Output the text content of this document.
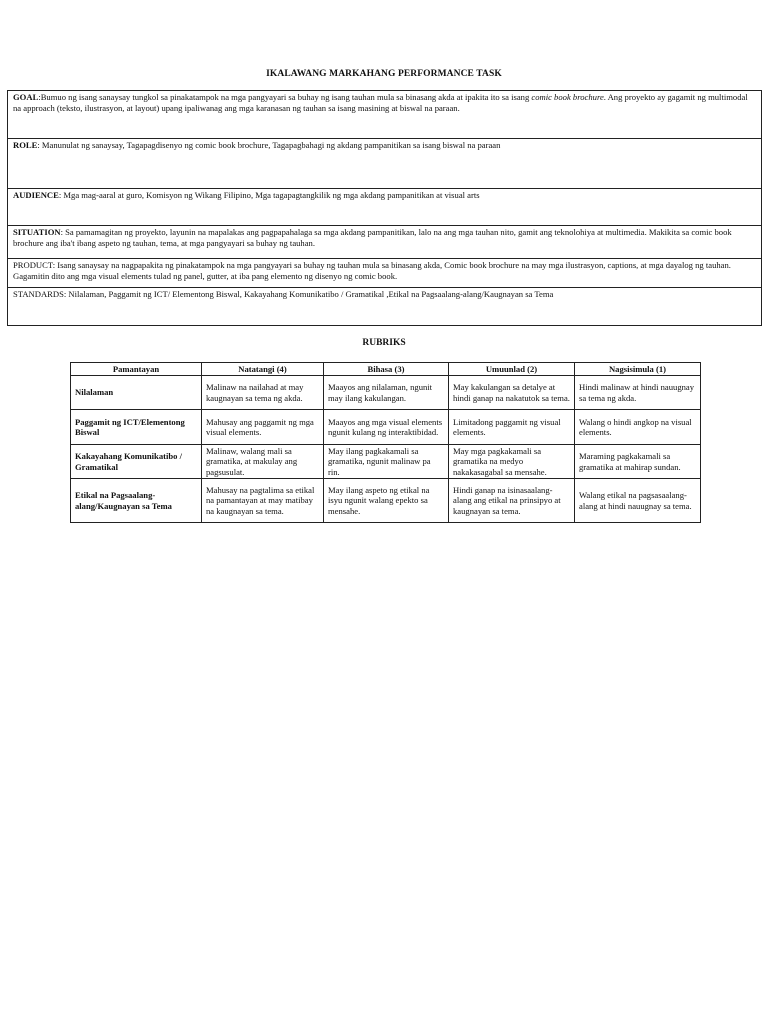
IKALAWANG MARKAHANG PERFORMANCE TASK
GOAL:Bumuo ng isang sanaysay tungkol sa pinakatampok na mga pangyayari sa buhay ng isang tauhan mula sa binasang akda at ipakita ito sa isang comic book brochure. Ang proyekto ay gagamit ng multimodal na approach (teksto, ilustrasyon, at layout) upang ipaliwanag ang mga karanasan ng tauhan sa isang masining at biswal na paraan.
ROLE: Manunulat ng sanaysay, Tagapagdisenyo ng comic book brochure, Tagapagbahagi ng akdang pampanitikan sa isang biswal na paraan
AUDIENCE: Mga mag-aaral at guro, Komisyon ng Wikang Filipino, Mga tagapagtangkilik ng mga akdang pampanitikan at visual arts
SITUATION: Sa pamamagitan ng proyekto, layunin na mapalakas ang pagpapahalaga sa mga akdang pampanitikan, lalo na ang mga tauhan nito, gamit ang teknolohiya at multimedia. Makikita sa comic book brochure ang iba't ibang aspeto ng tauhan, tema, at mga pangyayari sa buhay ng tauhan.
PRODUCT: Isang sanaysay na nagpapakita ng pinakatampok na mga pangyayari sa buhay ng tauhan mula sa binasang akda, Comic book brochure na may mga ilustrasyon, captions, at mga dayalog ng tauhan. Gagamitin dito ang mga visual elements tulad ng panel, gutter, at iba pang elemento ng disenyo ng comic book.
STANDARDS: Nilalaman, Paggamit ng ICT/ Elementong Biswal, Kakayahang Komunikatibo / Gramatikal ,Etikal na Pagsaalang-alang/Kaugnayan sa Tema
RUBRIKS
Pamantayan	Natatangi (4)	Bihasa (3)	Umuunlad (2)	Nagsisimula (1)
Nilalaman	Malinaw na nailahad at may kaugnayan sa tema ng akda.	Maayos ang nilalaman, ngunit may ilang kakulangan.	May kakulangan sa detalye at hindi ganap na nakatutok sa tema.	Hindi malinaw at hindi nauugnay sa tema ng akda.
Paggamit ng ICT/Elementong Biswal	Mahusay ang paggamit ng mga visual elements.	Maayos ang mga visual elements ngunit kulang ng interaktibidad.	Limitadong paggamit ng visual elements.	Walang o hindi angkop na visual elements.
Kakayahang Komunikatibo / Gramatikal	Malinaw, walang mali sa gramatika, at makulay ang pagsusulat.	May ilang pagkakamali sa gramatika, ngunit malinaw pa rin.	May mga pagkakamali sa gramatika na medyo nakakasagabal sa mensahe.	Maraming pagkakamali sa gramatika at mahirap sundan.
Etikal na Pagsaalang-alang/Kaugnayan sa Tema	Mahusay na pagtalima sa etikal na pamantayan at may matibay na kaugnayan sa tema.	May ilang aspeto ng etikal na isyu ngunit walang epekto sa mensahe.	Hindi ganap na isinasaalang-alang ang etikal na prinsipyo at kaugnayan sa tema.	Walang etikal na pagsasaalang-alang at hindi nauugnay sa tema.
